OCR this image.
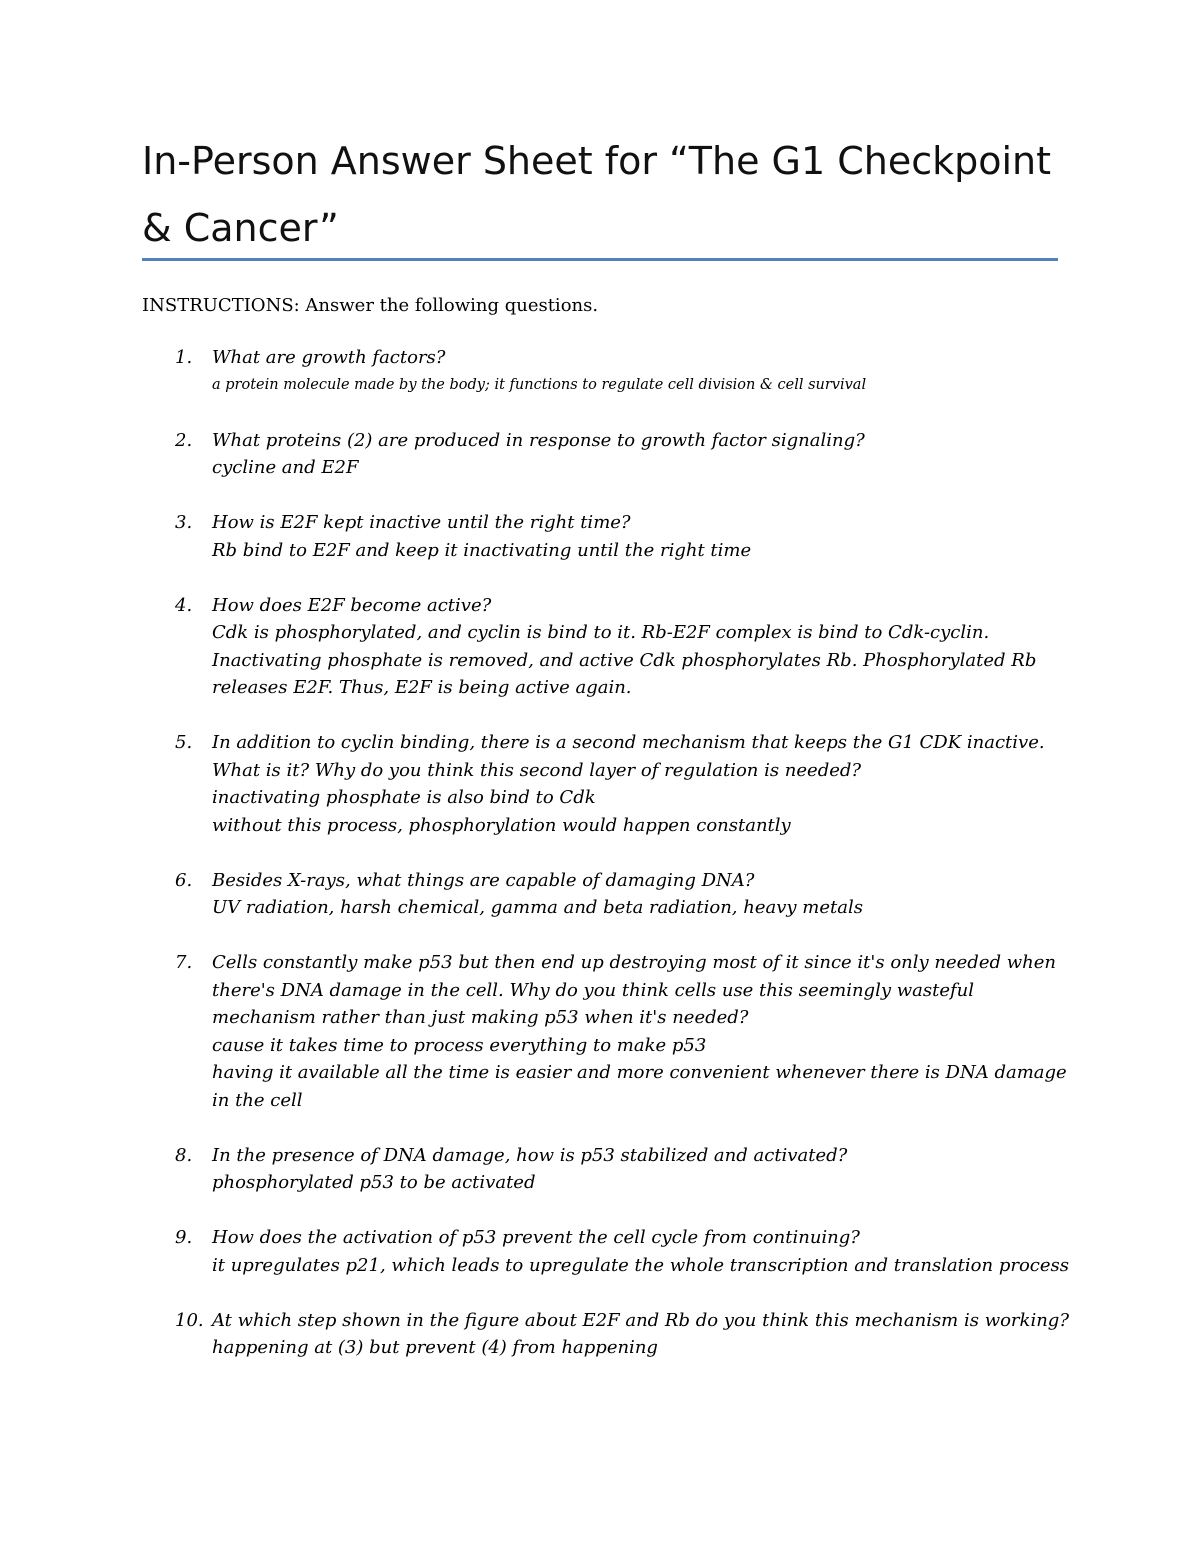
In-Person Answer Sheet for “The G1 Checkpoint & Cancer”

INSTRUCTIONS: Answer the following questions.

1. What are growth factors?
a protein molecule made by the body; it functions to regulate cell division & cell survival
2. What proteins (2) are produced in response to growth factor signaling?
cycline and E2F
3. How is E2F kept inactive until the right time?
Rb bind to E2F and keep it inactivating until the right time
4. How does E2F become active?
Cdk is phosphorylated, and cyclin is bind to it. Rb-E2F complex is bind to Cdk-cyclin. Inactivating phosphate is removed, and active Cdk phosphorylates Rb. Phosphorylated Rb releases E2F. Thus, E2F is being active again.
5. In addition to cyclin binding, there is a second mechanism that keeps the G1 CDK inactive. What is it? Why do you think this second layer of regulation is needed?
inactivating phosphate is also bind to Cdk
without this process, phosphorylation would happen constantly
6. Besides X-rays, what things are capable of damaging DNA?
UV radiation, harsh chemical, gamma and beta radiation, heavy metals
7. Cells constantly make p53 but then end up destroying most of it since it's only needed when there's DNA damage in the cell. Why do you think cells use this seemingly wasteful mechanism rather than just making p53 when it's needed?
cause it takes time to process everything to make p53
having it available all the time is easier and more convenient whenever there is DNA damage in the cell
8. In the presence of DNA damage, how is p53 stabilized and activated?
phosphorylated p53 to be activated
9. How does the activation of p53 prevent the cell cycle from continuing?
it upregulates p21, which leads to upregulate the whole transcription and translation process
10. At which step shown in the figure about E2F and Rb do you think this mechanism is working?
happening at (3) but prevent (4) from happening
